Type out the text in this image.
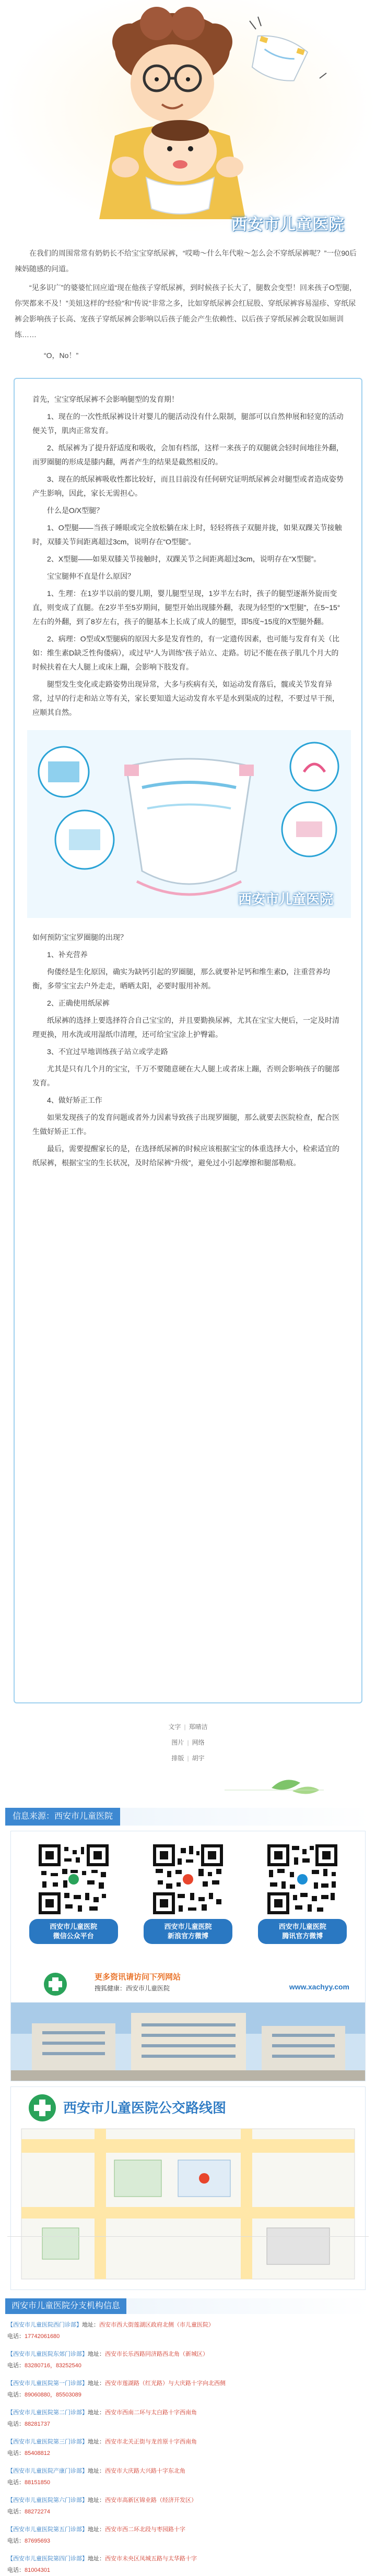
西安市儿童医院

在我们的周围常常有奶奶长不给宝宝穿纸尿裤，“哎呦～什么年代啦～怎么会不穿纸尿裤呢？”一位90后辣妈随感的问道。

“见多识广”的婆婆忙回应道“现在他孩子穿纸尿裤，到时候孩子长大了，腿数会变型！回来孩子O型腿，你哭都来不及！”美妞这样的“经验”和“传说”非常之多，比如穿纸尿裤会红屁股、穿纸尿裤容易湿疹、穿纸尿裤会影响孩子长高、宠孩子穿纸尿裤会影响以后孩子能会产生依赖性、以后孩子穿纸尿裤会耽误如厕训练……

“O，No！”

首先，宝宝穿纸尿裤不会影响腿型的发育期！

1、现在的一次性纸尿裤设计对婴儿的腿活动没有什么限制，腿部可以自然伸展和轻宽的活动便关节，肌肉正常发育。

2、纸尿裤为了提升舒适度和吸收，会加有档部，这样一来孩子的双腿就会轻时间地往外翻，而罗圈腿的形成是膝内翻，两者产生的结果是截然相反的。

3、现在的纸尿裤吸收性都比较好，而且目前没有任何研究证明纸尿裤会对腿型或者造成姿势产生影响，因此，家长无需担心。

什么是O/X型腿？

1、O型腿——当孩子睡眼或完全放松躺在床上时，轻轻将孩子双腿并拢，如果双踝关节接触时，双膝关节间距离超过3cm，说明存在“O型腿”。

2、X型腿——如果双膝关节接触时，双踝关节之间距离超过3cm，说明存在“X型腿”。

宝宝腿伸不直是什么原因？

1、生理：在1岁半以前的婴儿期，婴儿腿型呈现，1岁半左右时，孩子的腿型逐渐外旋而变直，则变成了直腿。在2岁半至5岁期间，腿型开始出现膝外翻，表现为轻型的“X型腿”，在5~15°左右的外翻，到了8岁左右，孩子的腿基本上长成了成人的腿型，即5度~15度的X型腿外翻。

2、病理：O型或X型腿病的原因大多是发育性的，有一定遗传因素，也可能与发育有关（比如：维生素D缺乏性佝偻病），或过早“人为训练”孩子站立、走路。切记不能在孩子肌几个月大的时候扶着在大人腿上或床上蹦，会影响下肢发育。

腿型发生变化或走路姿势出现异常，大多与疾病有关，如运动发育落后，髋或关节发育异常，过早的行走和站立等有关，家长要知道大运动发育水平是水到渠成的过程，不要过早干预，应顺其自然。

西安市儿童医院

如何预防宝宝罗圈腿的出现？

1、补充营养

佝偻经是生化原因，确实为缺钙引起的罗圈腿，那么就要补足钙和维生素D，注重营养均衡，多带宝宝去户外走走，晒晒太阳，必要时服用补剂。

2、正确使用纸尿裤

纸尿裤的选择上要选择符合自己宝宝的，并且要勤换尿裤，尤其在宝宝大便后，一定及时清理更换，用水洗或用湿纸巾清理，还可给宝宝涂上护臀霜。

3、不宜过早地训练孩子站立或学走路

尤其是只有几个月的宝宝，千万不要随意硬在大人腿上或者床上蹦，否则会影响孩子的腿部发育。

4、做好矫正工作

如果发现孩子的发育问题或者外力因素导致孩子出现罗圈腿，那么就要去医院检查，配合医生做好矫正工作。

最后，需要提醒家长的是，在选择纸尿裤的时候应该根据宝宝的体重选择大小，检索适宜的纸尿裤，根据宝宝的生长状况，及时给尿裤“升级”，避免过小引起摩擦和腿部勒痕。

文字 | 郑晴洁
图片 | 网络
排版 | 胡宇
信息来源：西安市儿童医院
西安市儿童医院
微信公众平台
西安市儿童医院
新浪官方微博
西安市儿童医院
腾讯官方微博
更多资讯请访问下列网站
搜狐健康：西安市儿童医院	www.xachyy.com
西安市儿童医院公交路线图
西安市儿童医院分支机构信息
【西安市儿童医院西门诊部】地址：西安市西大街莲湖区政府北侧（市儿童医院）
电话：17742061680
【西安市儿童医院东郊门诊部】地址：西安市长乐西路同济路西北角（新城区）
电话：83280716，83252540
【西安市儿童医院第一门诊部】地址：西安市莲湖路（红光路）与大庆路十字向北西侧
电话：89060880，85503089
【西安市儿童医院第二门诊部】地址：西安市西南二环与太白路十字西南角
电话：88281737
【西安市儿童医院第三门诊部】地址：西安市北关正街与龙首原十字西南角
电话：85408812
【西安市儿童医院产康门诊部】地址：西安市大庆路大兴路十字东北角
电话：88151850
【西安市儿童医院第六门诊部】地址：西安市高新区锦业路（经济开发区）
电话：88272274
【西安市儿童医院第五门诊部】地址：西安市西二环北段与枣园路十字
电话：87695693
【西安市儿童医院第四门诊部】地址：西安市未央区凤城五路与太华路十字
电话：81004301
